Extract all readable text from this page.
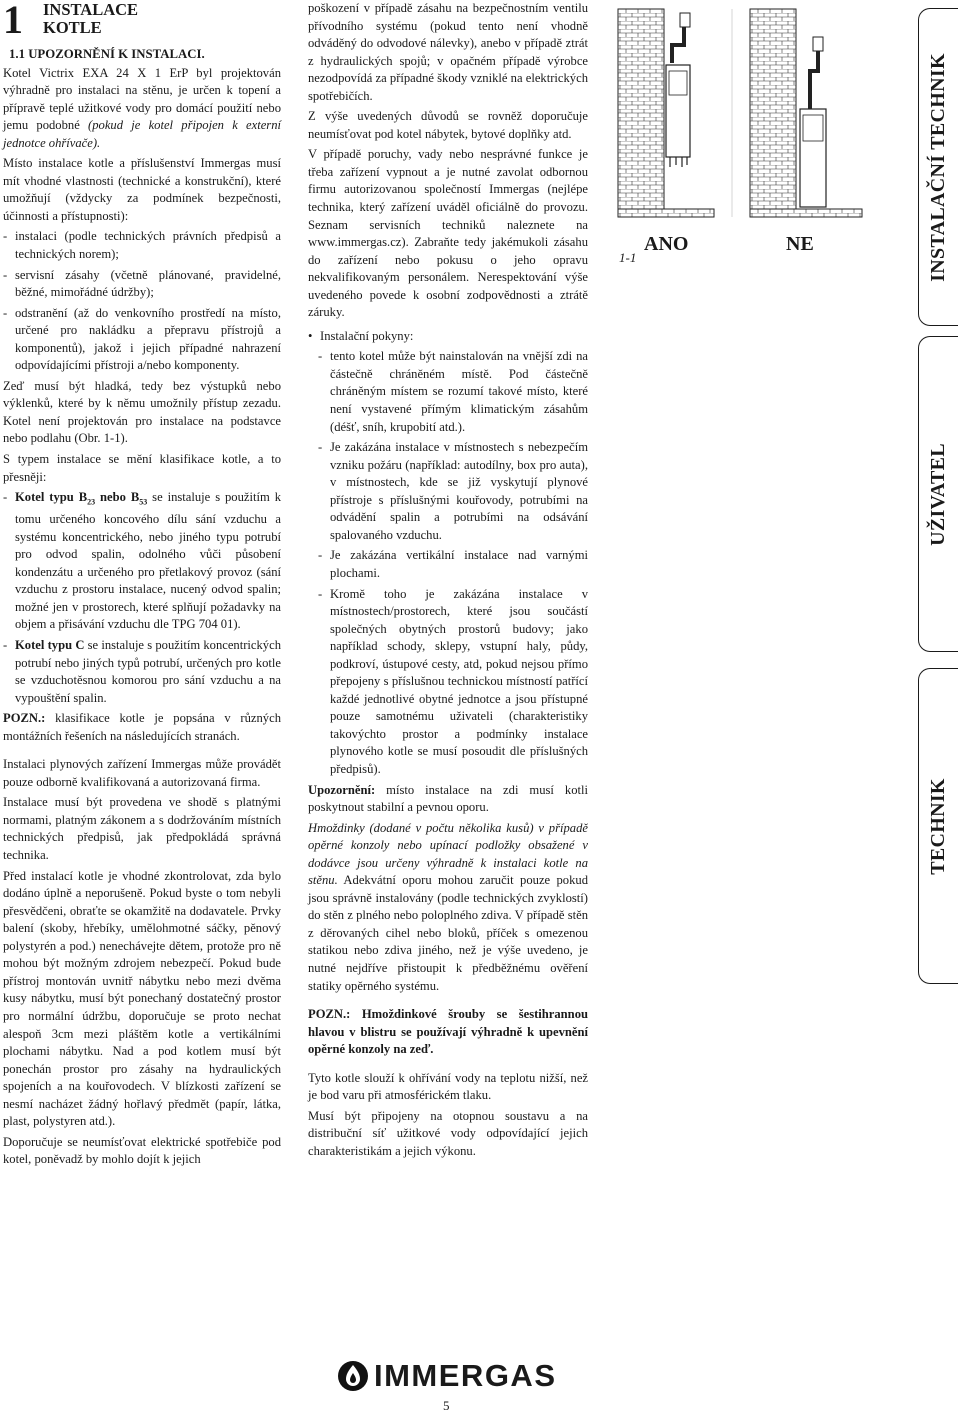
1	INSTALACE
KOTLE
1.1 UPOZORNĚNÍ K INSTALACI.

Kotel Victrix EXA 24 X 1 ErP byl projektován výhradně pro instalaci na stěnu, je určen k topení a přípravě teplé užitkové vody pro domácí použití nebo jemu podobné (pokud je kotel připojen k externí jednotce ohřívače).

Místo instalace kotle a příslušenství Immergas musí mít vhodné vlastnosti (technické a konstrukční), které umožňují (vždycky za podmínek bezpečnosti, účinnosti a přístupnosti):

- instalaci (podle technických právních předpisů a technických norem);
- servisní zásahy (včetně plánované, pravidelné, běžné, mimořádné údržby);
- odstranění (až do venkovního prostředí na místo, určené pro nakládku a přepravu přístrojů a komponentů), jakož i jejich případné nahrazení odpovídajícími přístroji a/nebo komponenty.

Zeď musí být hladká, tedy bez výstupků nebo výklenků, které by k němu umožnily přístup zezadu. Kotel není projektován pro instalace na podstavce nebo podlahu (Obr. 1-1).

S typem instalace se mění klasifikace kotle, a to přesněji:

- Kotel typu $B_{23}$ nebo $B_{53}$ se instaluje s použitím k tomu určeného koncového dílu sání vzduchu a systému koncentrického, nebo jiného typu potrubí pro odvod spalin, odolného vůči působení kondenzátu a určeného pro přetlakový provoz (sání vzduchu z prostoru instalace, nucený odvod spalin; možné jen v prostorech, které splňují požadavky na objem a přisávání vzduchu dle TPG 704 01).
- Kotel typu C se instaluje s použitím koncentrických potrubí nebo jiných typů potrubí, určených pro kotle se vzduchotěsnou komorou pro sání vzduchu a na vypouštění spalin.

POZN.: klasifikace kotle je popsána v různých montážních řešeních na následujících stranách.

Instalaci plynových zařízení Immergas může provádět pouze odborně kvalifikovaná a autorizovaná firma.

Instalace musí být provedena ve shodě s platnými normami, platným zákonem a s dodržováním místních technických předpisů, jak předpokládá správná technika.

Před instalací kotle je vhodné zkontrolovat, zda bylo dodáno úplně a neporušeně. Pokud byste o tom nebyli přesvědčeni, obraťte se okamžitě na dodavatele. Prvky balení (skoby, hřebíky, umělohmotné sáčky, pěnový polystyrén a pod.) nenechávejte dětem, protože pro ně mohou být možným zdrojem nebezpečí. Pokud bude přístroj montován uvnitř nábytku nebo mezi dvěma kusy nábytku, musí být ponechaný dostatečný prostor pro normální údržbu, doporučuje se proto nechat alespoň 3cm mezi pláštěm kotle a vertikálními plochami nábytku. Nad a pod kotlem musí být ponechán prostor pro zásahy na hydraulických spojeních a na kouřovodech. V blízkosti zařízení se nesmí nacházet žádný hořlavý předmět (papír, látka, plast, polystyren atd.).

Doporučuje se neumísťovat elektrické spotřebiče pod kotel, poněvadž by mohlo dojít k jejich

poškození v případě zásahu na bezpečnostním ventilu přívodního systému (pokud tento není vhodně odváděný do odvodové nálevky), anebo v případě ztrát z hydraulických spojů; v opačném případě výrobce nezodpovídá za případné škody vzniklé na elektrických spotřebičích.

Z výše uvedených důvodů se rovněž doporučuje neumísťovat pod kotel nábytek, bytové doplňky atd.

V případě poruchy, vady nebo nesprávné funkce je třeba zařízení vypnout a je nutné zavolat odbornou firmu autorizovanou společností Immergas (nejlépe technika, který zařízení uváděl oficiálně do provozu. Seznam servisních techniků naleznete na www.immergas.cz). Zabraňte tedy jakémukoli zásahu do zařízení nebo pokusu o jeho opravu nekvalifikovaným personálem. Nerespektování výše uvedeného povede k osobní zodpovědnosti a ztrátě záruky.

• Instalační pokyny:
- tento kotel může být nainstalován na vnější zdi na částečně chráněném místě. Pod částečně chráněným místem se rozumí takové místo, které není vystavené přímým klimatickým zásahům (déšť, sníh, krupobití atd.).
- Je zakázána instalace v místnostech s nebezpečím vzniku požáru (například: autodílny, box pro auta), v místnostech, kde se již vyskytují plynové přístroje s příslušnými kouřovody, potrubími na odvádění spalin a potrubími na odsávání spalovaného vzduchu.
- Je zakázána vertikální instalace nad varnými plochami.
- Kromě toho je zakázána instalace v místnostech/prostorech, které jsou součástí společných obytných prostorů budovy; jako například schody, sklepy, vstupní haly, půdy, podkroví, ústupové cesty, atd, pokud nejsou přímo přepojeny s příslušnou technickou místností patřící každé jednotlivé obytné jednotce a jsou přístupné pouze samotnému uživateli (charakteristiky takovýchto prostor a podmínky instalace plynového kotle se musí posoudit dle příslušných předpisů).

Upozornění: místo instalace na zdi musí kotli poskytnout stabilní a pevnou oporu.

Hmoždinky (dodané v počtu několika kusů) v případě opěrné konzoly nebo upínací podložky obsažené v dodávce jsou určeny výhradně k instalaci kotle na stěnu. Adekvátní oporu mohou zaručit pouze pokud jsou správně instalovány (podle technických zvyklostí) do stěn z plného nebo poloplného zdiva. V případě stěn z děrovaných cihel nebo bloků, příček s omezenou statikou nebo zdiva jiného, než je výše uvedeno, je nutné nejdříve přistoupit k předběžnému ověření statiky opěrného systému.

POZN.: Hmoždinkové šrouby se šestihrannou hlavou v blistru se používají výhradně k upevnění opěrné konzoly na zeď.

Tyto kotle slouží k ohřívání vody na teplotu nižší, než je bod varu při atmosférickém tlaku.

Musí být připojeny na otopnou soustavu a na distribuční síť užitkové vody odpovídající jejich charakteristikám a jejich výkonu.

1-1
ANO	NE	INSTALAČNÍ TECHNIK
UŽIVATEL
TECHNIK
IMMERGAS
5
